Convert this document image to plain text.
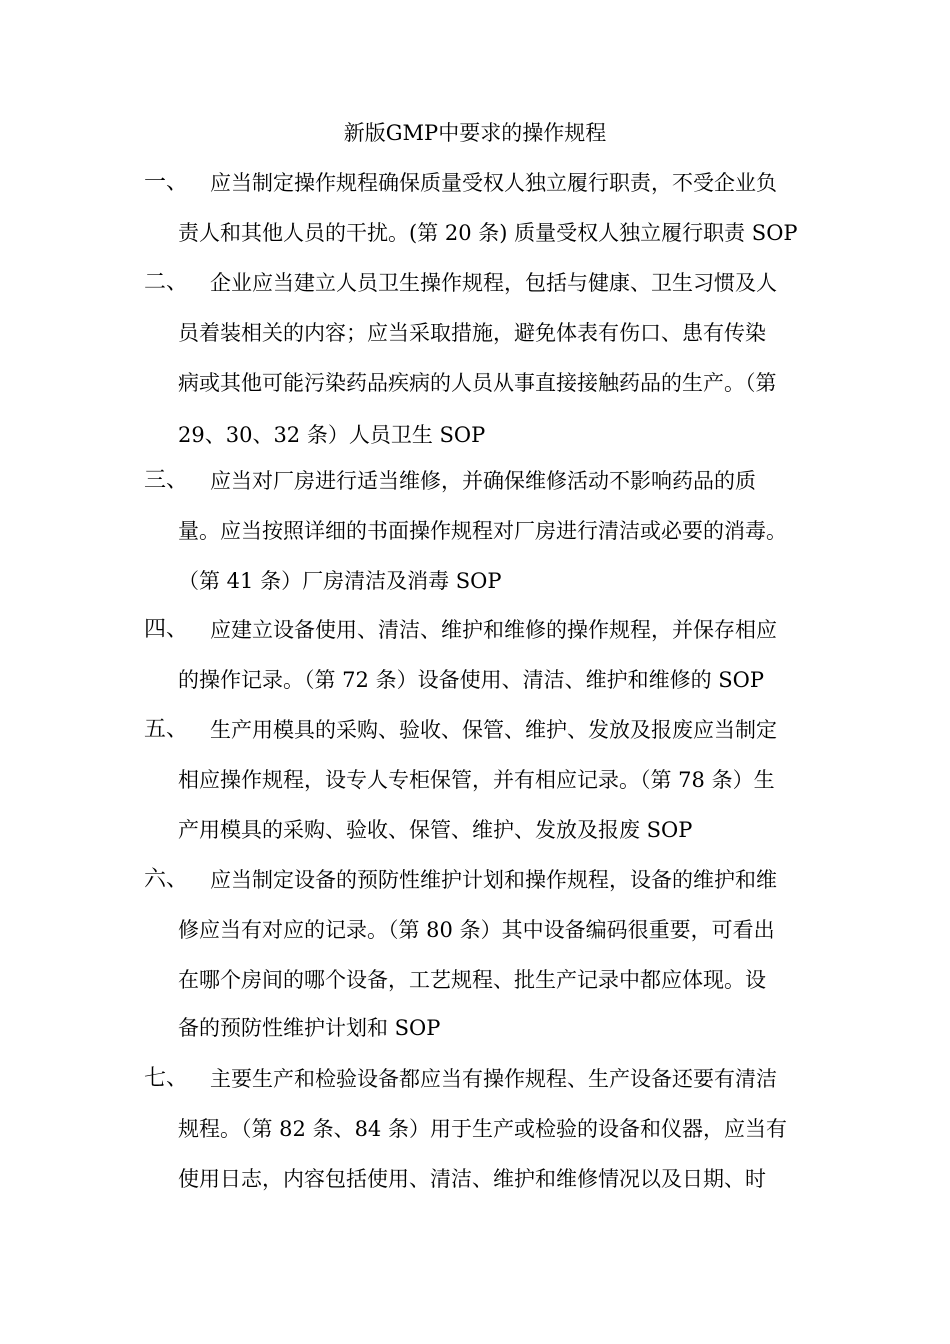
新版GMP中要求的操作规程
一、 应当制定操作规程确保质量受权人独立履行职责，不受企业负
责人和其他人员的干扰。(第 20 条) 质量受权人独立履行职责 SOP
二、 企业应当建立人员卫生操作规程，包括与健康、卫生习惯及人
员着装相关的内容；应当采取措施，避免体表有伤口、患有传染
病或其他可能污染药品疾病的人员从事直接接触药品的生产。（第
29、30、32 条）人员卫生 SOP
三、 应当对厂房进行适当维修，并确保维修活动不影响药品的质
量。应当按照详细的书面操作规程对厂房进行清洁或必要的消毒。
（第 41 条）厂房清洁及消毒 SOP
四、 应建立设备使用、清洁、维护和维修的操作规程，并保存相应
的操作记录。（第 72 条）设备使用、清洁、维护和维修的 SOP
五、 生产用模具的采购、验收、保管、维护、发放及报废应当制定
相应操作规程，设专人专柜保管，并有相应记录。（第 78 条）生
产用模具的采购、验收、保管、维护、发放及报废 SOP
六、 应当制定设备的预防性维护计划和操作规程，设备的维护和维
修应当有对应的记录。（第 80 条）其中设备编码很重要，可看出
在哪个房间的哪个设备，工艺规程、批生产记录中都应体现。设
备的预防性维护计划和 SOP
七、 主要生产和检验设备都应当有操作规程、生产设备还要有清洁
规程。（第 82 条、84 条）用于生产或检验的设备和仪器，应当有
使用日志，内容包括使用、清洁、维护和维修情况以及日期、时
